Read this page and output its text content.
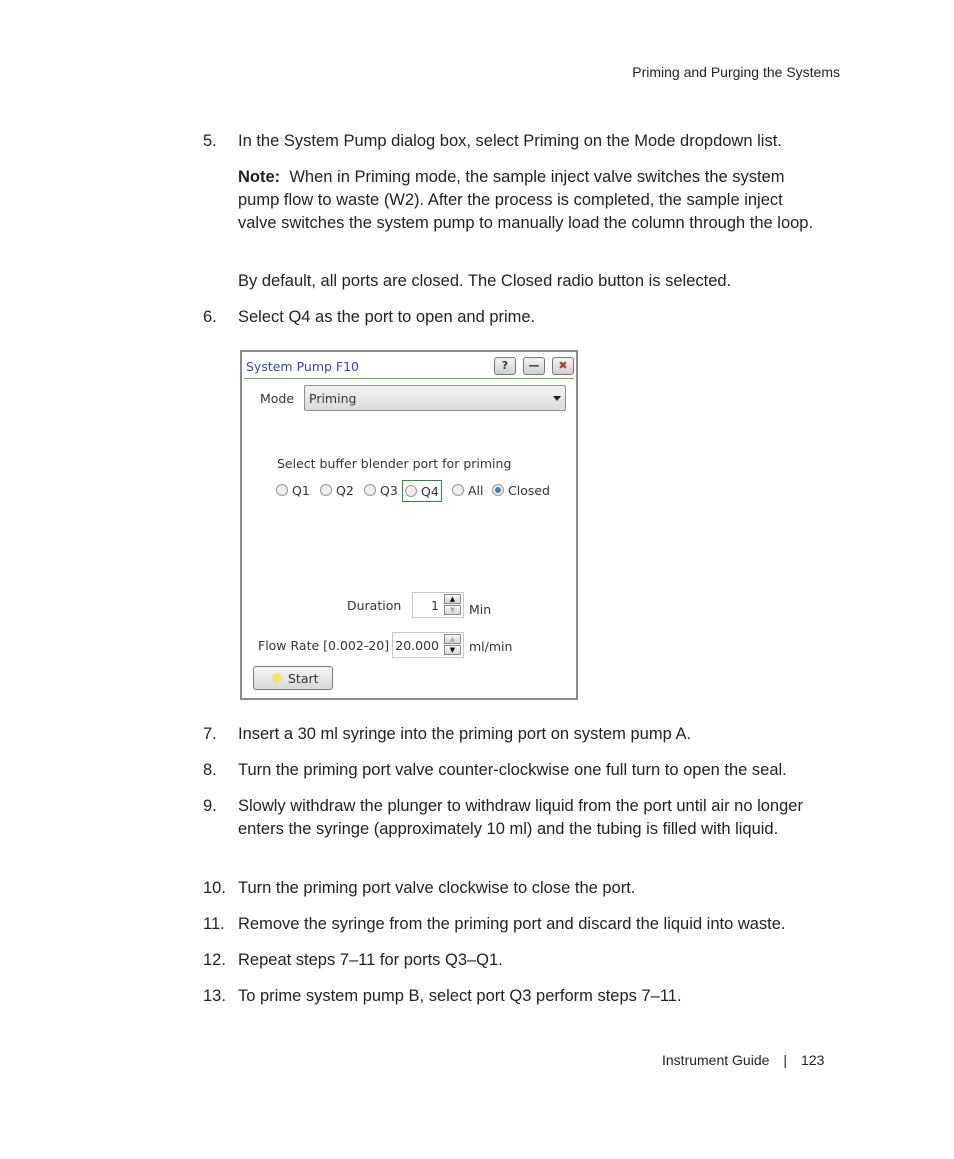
Priming and Purging the Systems
5. In the System Pump dialog box, select Priming on the Mode dropdown list.
Note: When in Priming mode, the sample inject valve switches the system pump flow to waste (W2). After the process is completed, the sample inject valve switches the system pump to manually load the column through the loop.
By default, all ports are closed. The Closed radio button is selected.
6. Select Q4 as the port to open and prime.
System Pump F10	?	—	✖
Mode Priming
Select buffer blender port for priming
Q1 Q2 Q3 Q4 All Closed
Duration 1	▲
▼	Min
Flow Rate [0.002-20] 20.000	▲
▼	ml/min
Start
7. Insert a 30 ml syringe into the priming port on system pump A.
8. Turn the priming port valve counter-clockwise one full turn to open the seal.
9. Slowly withdraw the plunger to withdraw liquid from the port until air no longer enters the syringe (approximately 10 ml) and the tubing is filled with liquid.
10. Turn the priming port valve clockwise to close the port.
11. Remove the syringe from the priming port and discard the liquid into waste.
12. Repeat steps 7–11 for ports Q3–Q1.
13. To prime system pump B, select port Q3 perform steps 7–11.
Instrument Guide | 123
